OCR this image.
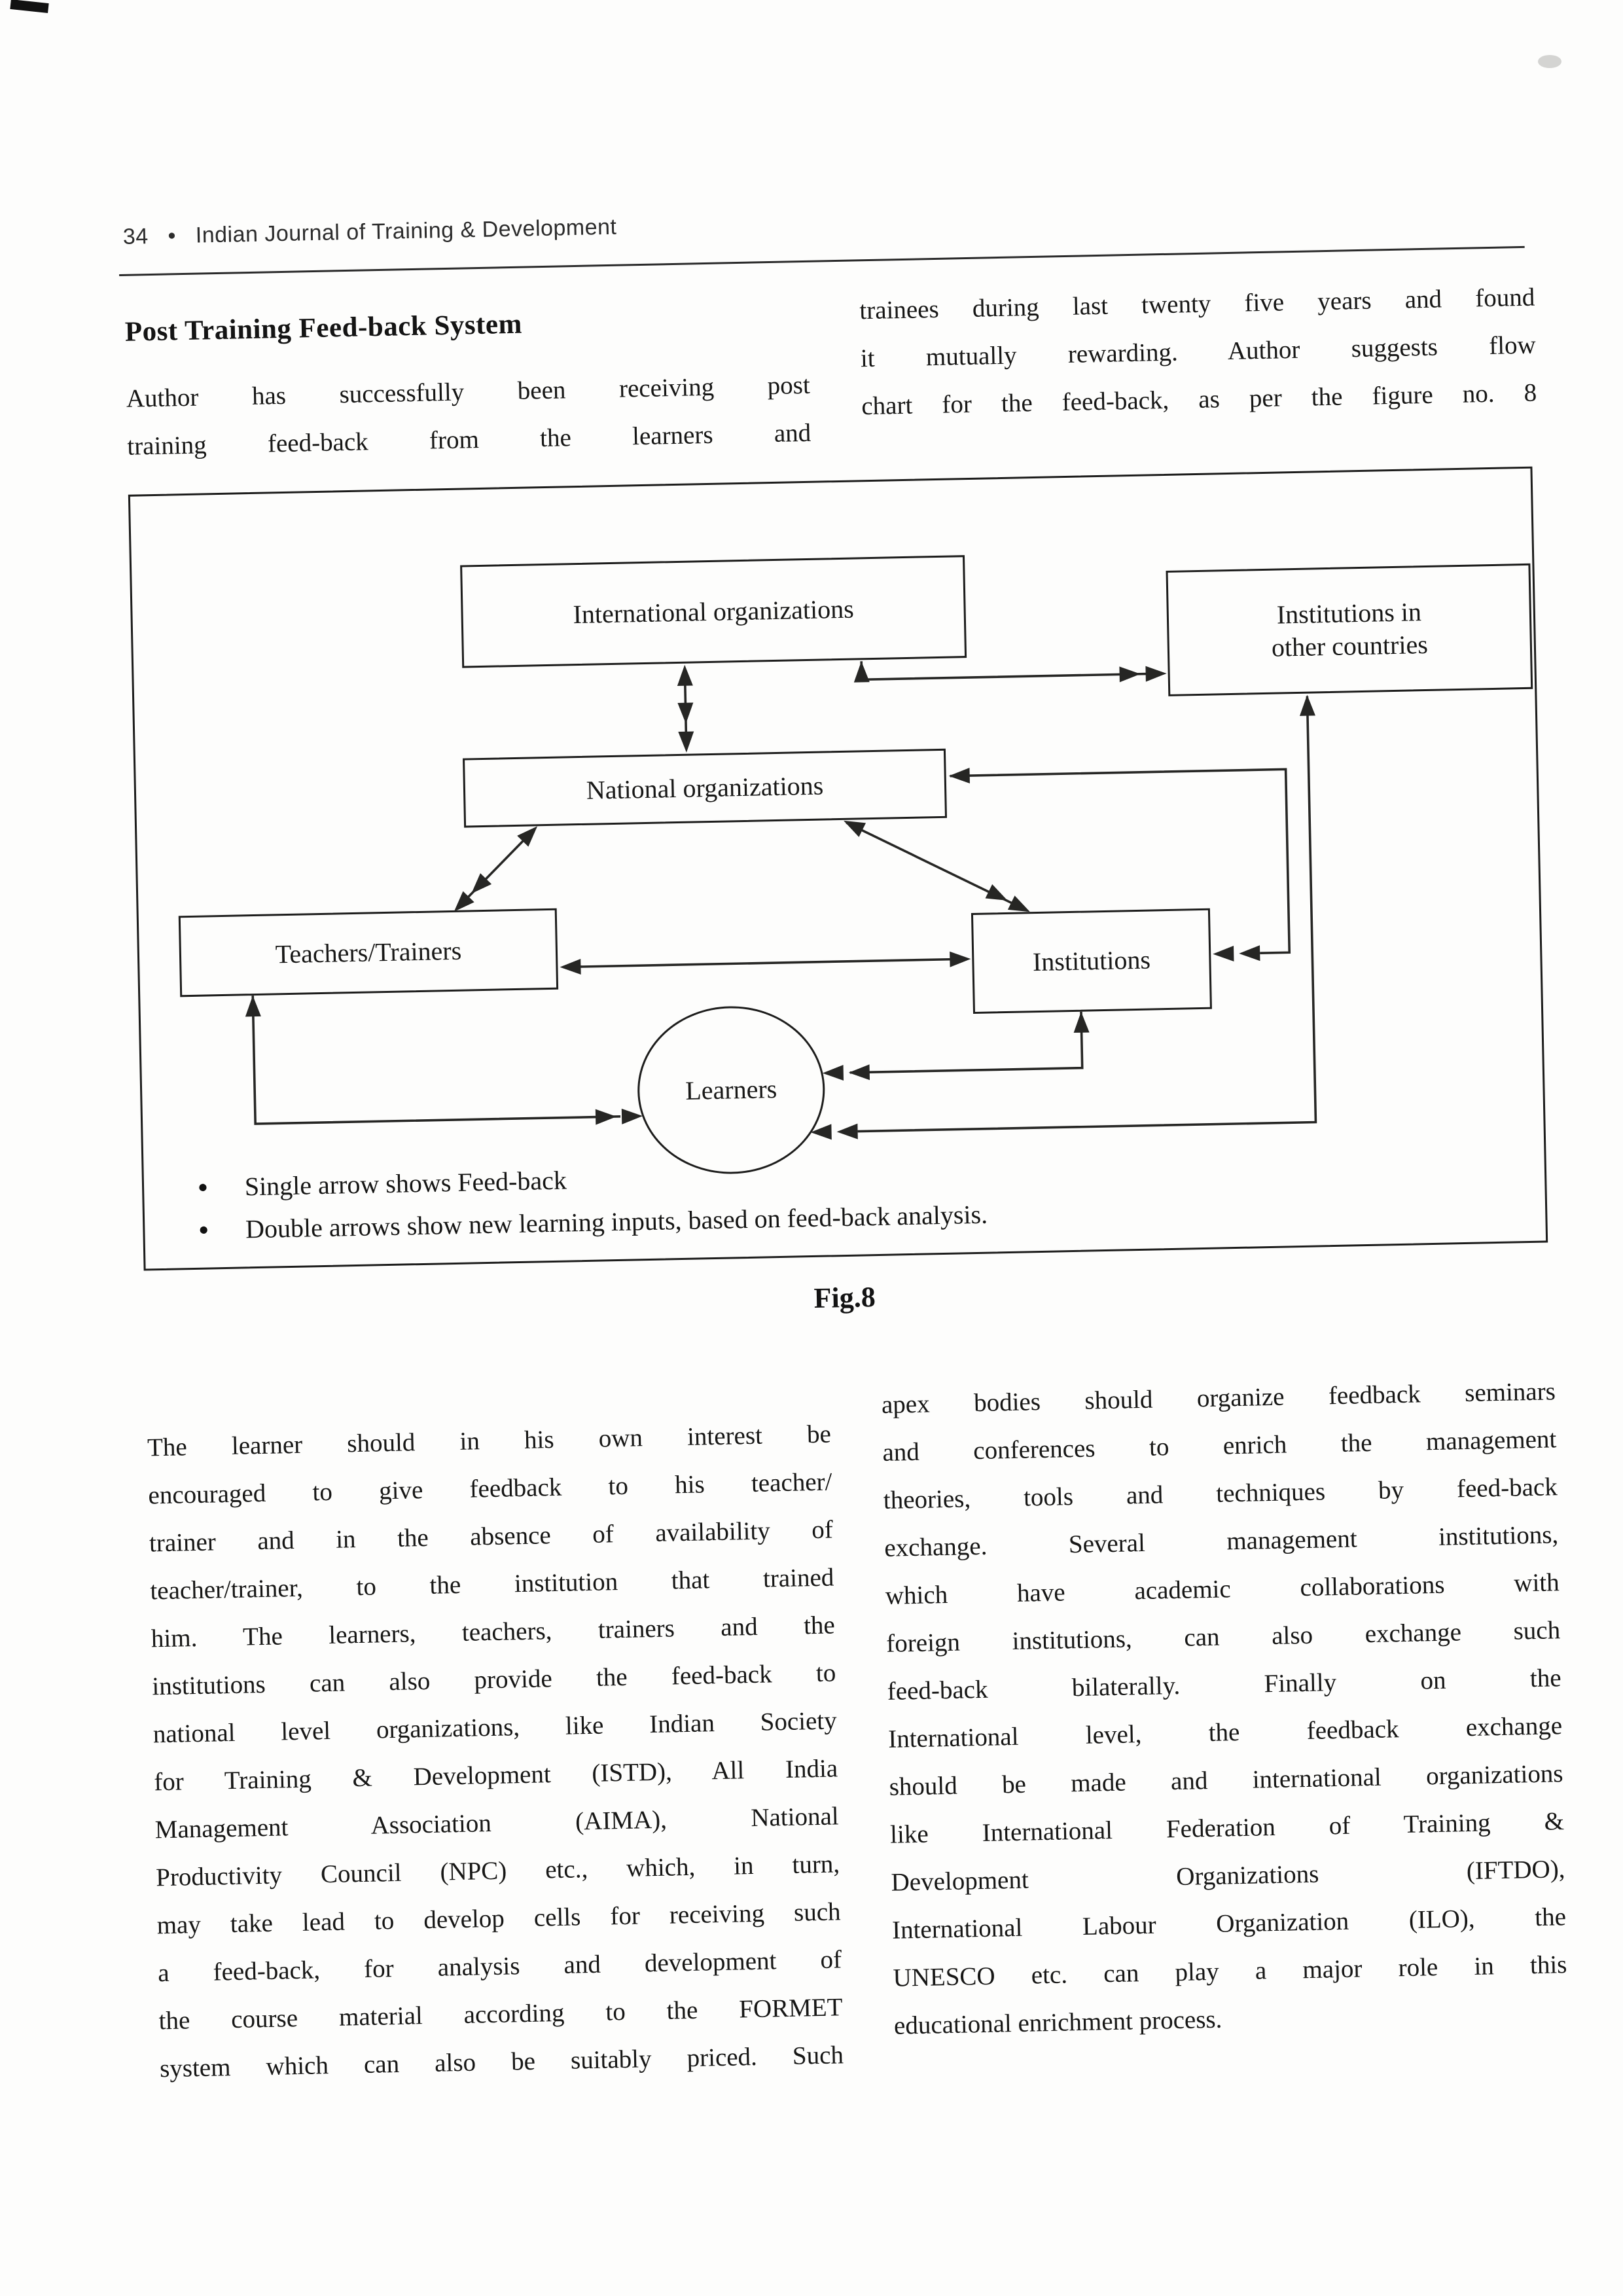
34 • Indian Journal of Training & Development
Post Training Feed-back System
Author has successfully been receiving post
training feed-back from the learners and
trainees during last twenty five years and found
it mutually rewarding. Author suggests flow
chart for the feed-back, as per the figure no. 8
International organizations	Institutions in
other countries
National organizations
Teachers/Trainers	Institutions
Learners
● Single arrow shows Feed-back
● Double arrows show new learning inputs, based on feed-back analysis.
Fig.8
The learner should in his own interest be
encouraged to give feedback to his teacher/
trainer and in the absence of availability of
teacher/trainer, to the institution that trained
him. The learners, teachers, trainers and the
institutions can also provide the feed-back to
national level organizations, like Indian Society
for Training & Development (ISTD), All India
Management Association (AIMA), National
Productivity Council (NPC) etc., which, in turn,
may take lead to develop cells for receiving such
a feed-back, for analysis and development of
the course material according to the FORMET
system which can also be suitably priced. Such
apex bodies should organize feedback seminars
and conferences to enrich the management
theories, tools and techniques by feed-back
exchange. Several management institutions,
which have academic collaborations with
foreign institutions, can also exchange such
feed-back bilaterally. Finally on the
International level, the feedback exchange
should be made and international organizations
like International Federation of Training &
Development Organizations (IFTDO),
International Labour Organization (ILO), the
UNESCO etc. can play a major role in this
educational enrichment process.
